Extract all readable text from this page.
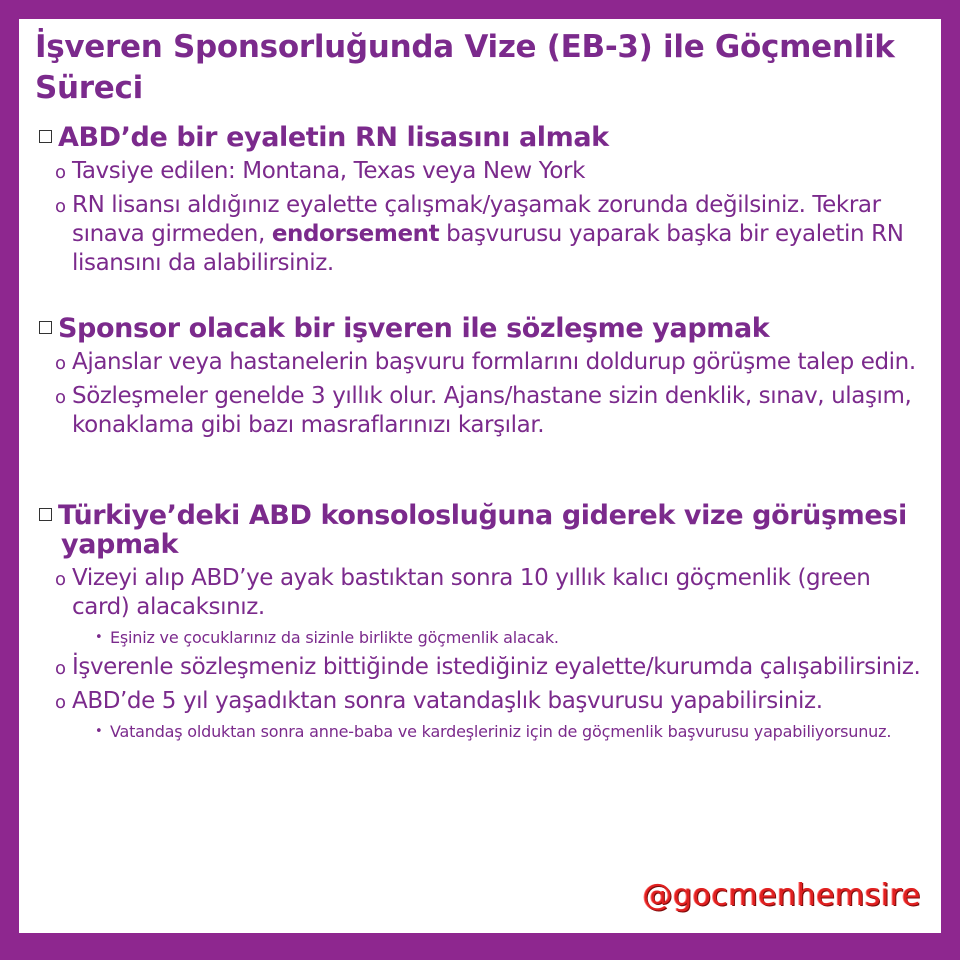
İşveren Sponsorluğunda Vize (EB-3) ile Göçmenlik Süreci
ABD’de bir eyaletin RN lisasını almak
o Tavsiye edilen: Montana, Texas veya New York
o RN lisansı aldığınız eyalette çalışmak/yaşamak zorunda değilsiniz. Tekrar sınava girmeden, endorsement başvurusu yaparak başka bir eyaletin RN lisansını da alabilirsiniz.
Sponsor olacak bir işveren ile sözleşme yapmak
o Ajanslar veya hastanelerin başvuru formlarını doldurup görüşme talep edin.
o Sözleşmeler genelde 3 yıllık olur. Ajans/hastane sizin denklik, sınav, ulaşım, konaklama gibi bazı masraflarınızı karşılar.
Türkiye’deki ABD konsolosluğuna giderek vize görüşmesi yapmak
o Vizeyi alıp ABD’ye ayak bastıktan sonra 10 yıllık kalıcı göçmenlik (green card) alacaksınız.
• Eşiniz ve çocuklarınız da sizinle birlikte göçmenlik alacak.
o İşverenle sözleşmeniz bittiğinde istediğiniz eyalette/kurumda çalışabilirsiniz.
o ABD’de 5 yıl yaşadıktan sonra vatandaşlık başvurusu yapabilirsiniz.
• Vatandaş olduktan sonra anne-baba ve kardeşleriniz için de göçmenlik başvurusu yapabiliyorsunuz.
@gocmenhemsire
